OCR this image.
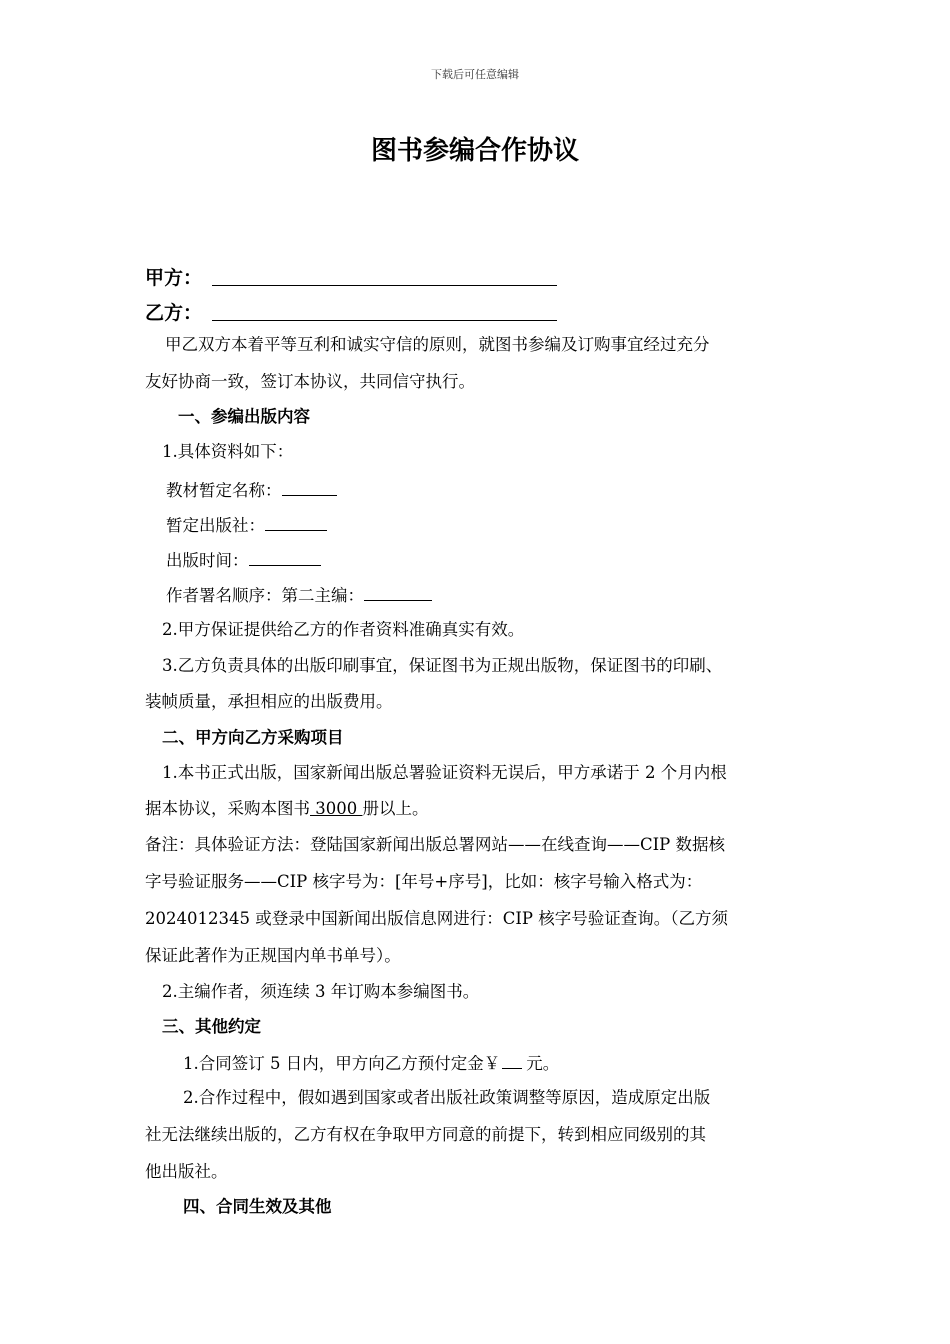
下载后可任意编辑
图书参编合作协议
甲方：
乙方：
甲乙双方本着平等互利和诚实守信的原则，就图书参编及订购事宜经过充分
友好协商一致，签订本协议，共同信守执行。
一、参编出版内容
1.具体资料如下：
教材暂定名称：
暂定出版社：
出版时间：
作者署名顺序：第二主编：
2.甲方保证提供给乙方的作者资料准确真实有效。
3.乙方负责具体的出版印刷事宜，保证图书为正规出版物，保证图书的印刷、
装帧质量，承担相应的出版费用。
二、甲方向乙方采购项目
1.本书正式出版，国家新闻出版总署验证资料无误后，甲方承诺于 2 个月内根
据本协议，采购本图书 3000 册以上。
备注：具体验证方法：登陆国家新闻出版总署网站——在线查询——CIP 数据核
字号验证服务——CIP 核字号为：[年号+序号]，比如：核字号输入格式为：
2024012345 或登录中国新闻出版信息网进行：CIP 核字号验证查询。（乙方须
保证此著作为正规国内单书单号）。
2.主编作者，须连续 3 年订购本参编图书。
三、其他约定
1.合同签订 5 日内，甲方向乙方预付定金￥ 元。
2.合作过程中，假如遇到国家或者出版社政策调整等原因，造成原定出版
社无法继续出版的，乙方有权在争取甲方同意的前提下，转到相应同级别的其
他出版社。
四、合同生效及其他
